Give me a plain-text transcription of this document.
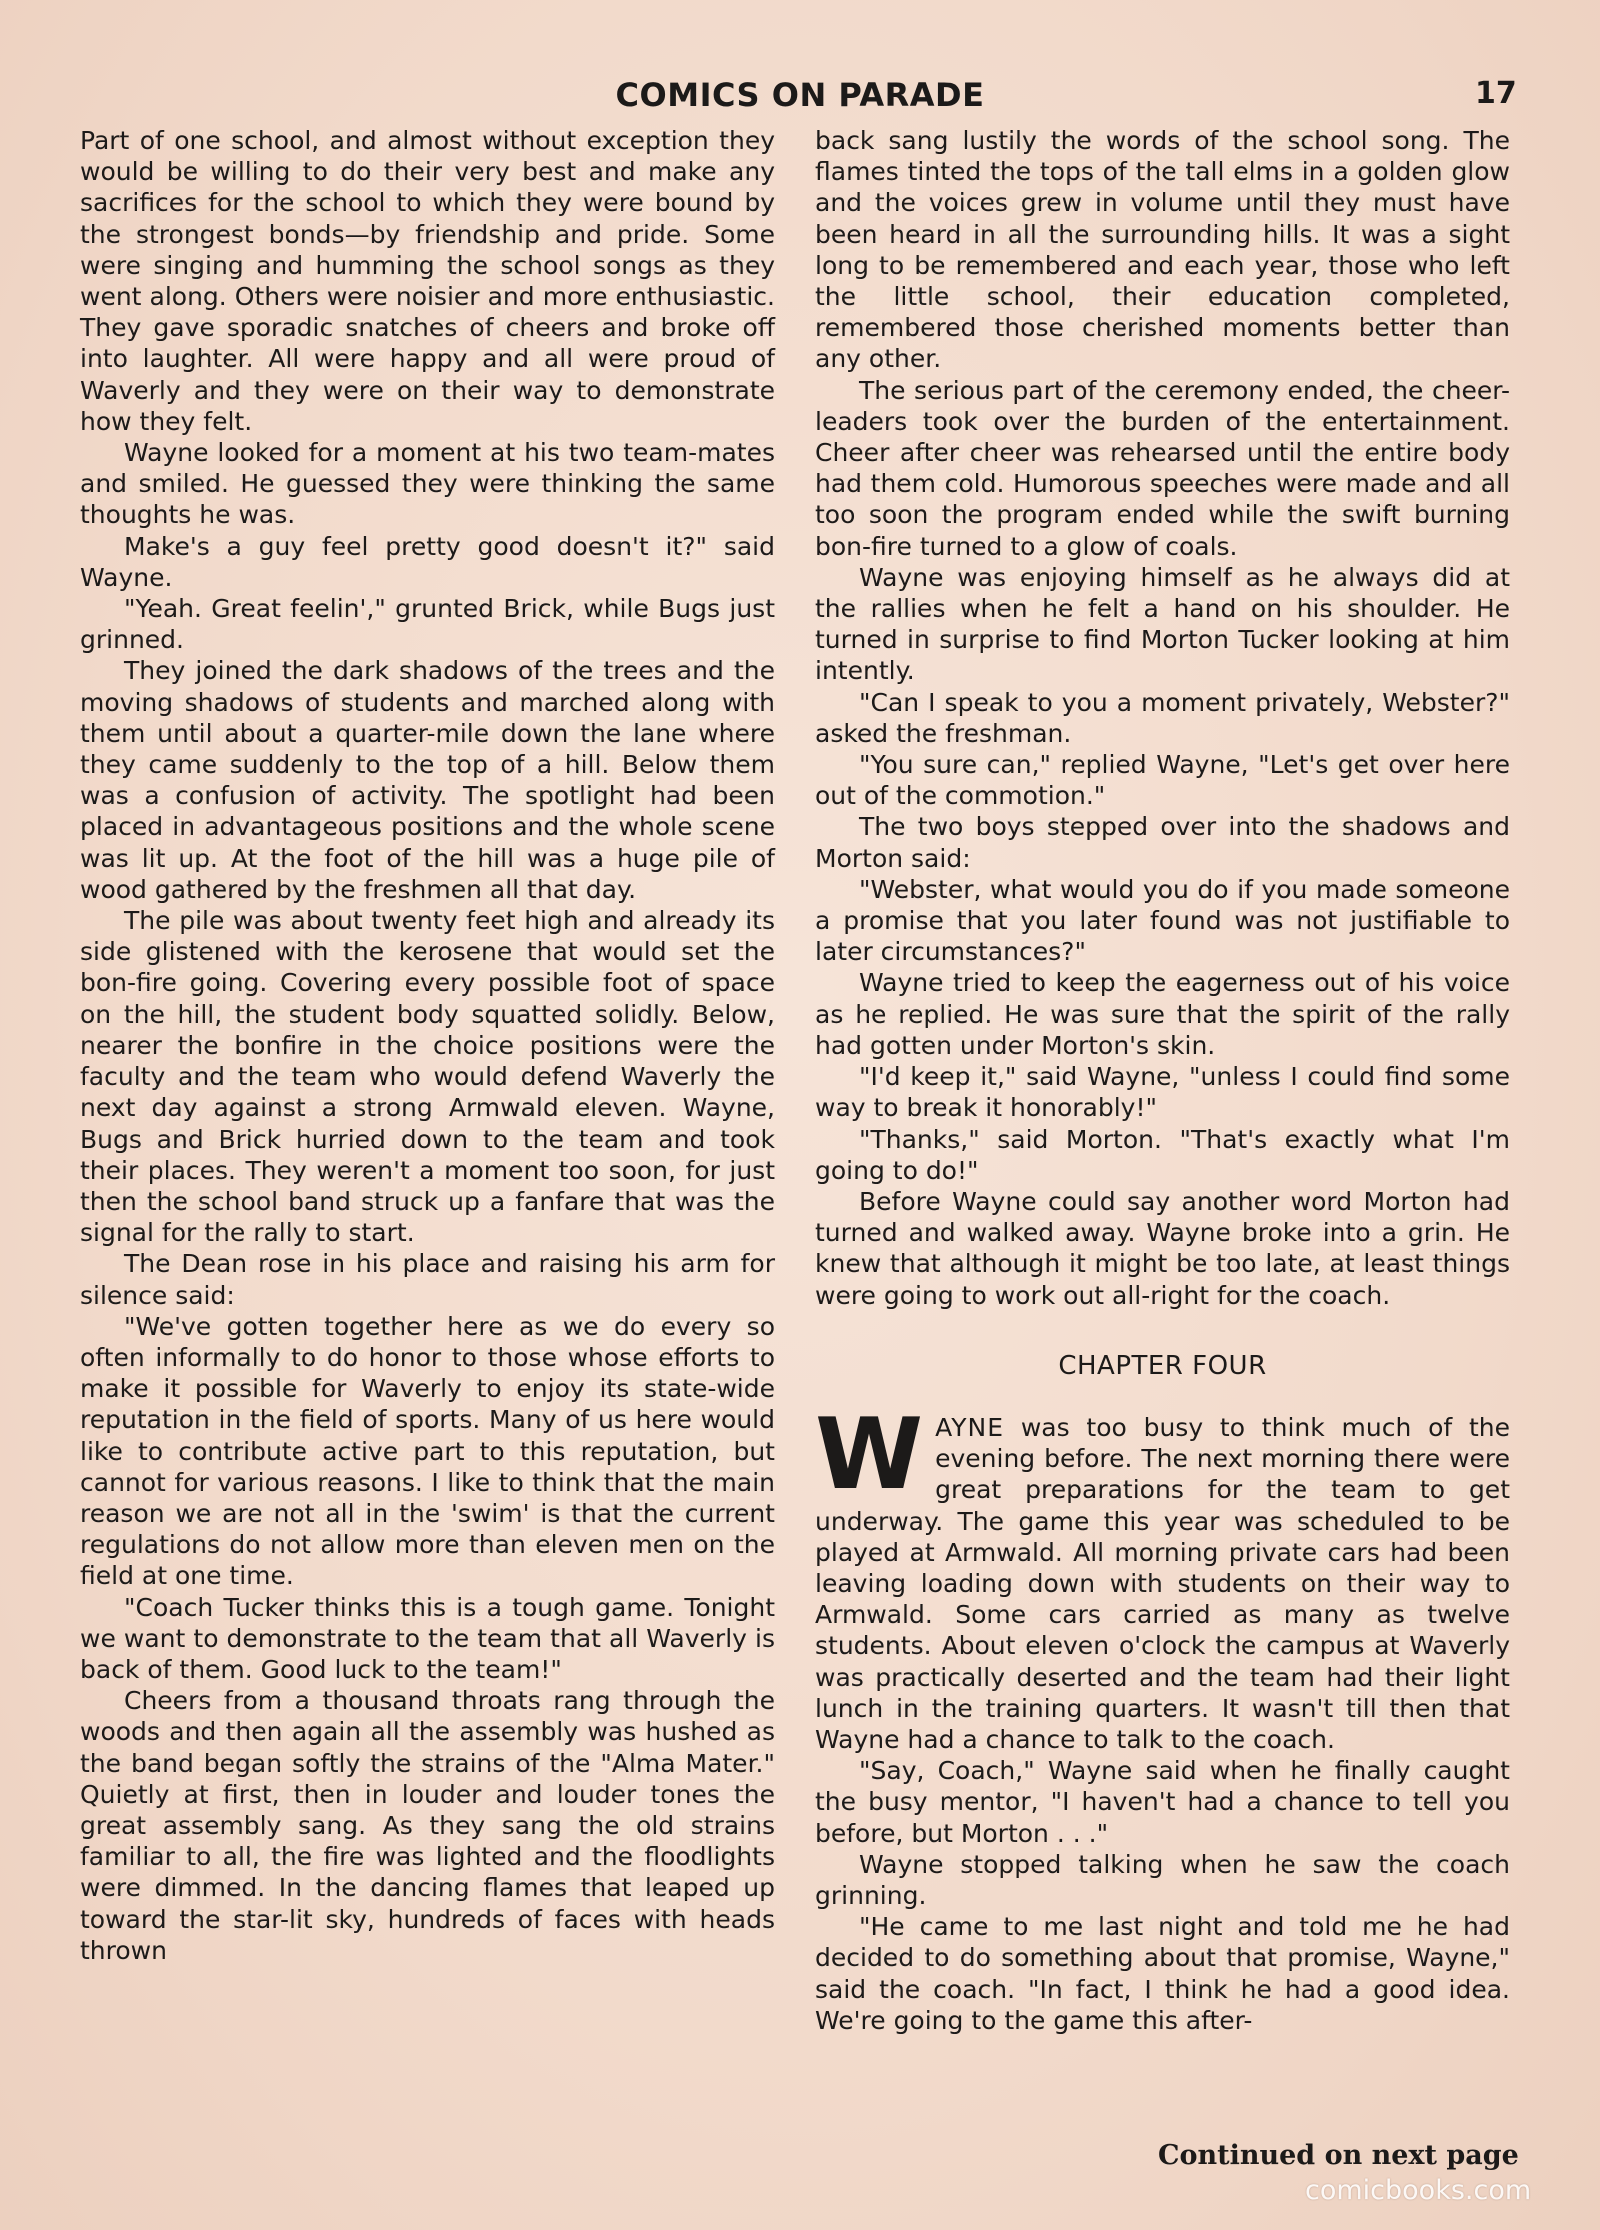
COMICS ON PARADE	17

Part of one school, and almost without exception they would be willing to do their very best and make any sacrifices for the school to which they were bound by the strongest bonds—by friendship and pride. Some were singing and humming the school songs as they went along. Others were noisier and more enthusiastic. They gave sporadic snatches of cheers and broke off into laughter. All were happy and all were proud of Waverly and they were on their way to demonstrate how they felt.

Wayne looked for a moment at his two team-mates and smiled. He guessed they were thinking the same thoughts he was.

Make's a guy feel pretty good doesn't it?" said Wayne.

"Yeah. Great feelin'," grunted Brick, while Bugs just grinned.

They joined the dark shadows of the trees and the moving shadows of students and marched along with them until about a quarter-mile down the lane where they came suddenly to the top of a hill. Below them was a confusion of activity. The spotlight had been placed in advantageous positions and the whole scene was lit up. At the foot of the hill was a huge pile of wood gathered by the freshmen all that day.

The pile was about twenty feet high and already its side glistened with the kerosene that would set the bon-fire going. Covering every possible foot of space on the hill, the student body squatted solidly. Below, nearer the bonfire in the choice positions were the faculty and the team who would defend Waverly the next day against a strong Armwald eleven. Wayne, Bugs and Brick hurried down to the team and took their places. They weren't a moment too soon, for just then the school band struck up a fanfare that was the signal for the rally to start.

The Dean rose in his place and raising his arm for silence said:

"We've gotten together here as we do every so often informally to do honor to those whose efforts to make it possible for Waverly to enjoy its state-wide reputation in the field of sports. Many of us here would like to contribute active part to this reputation, but cannot for various reasons. I like to think that the main reason we are not all in the 'swim' is that the current regulations do not allow more than eleven men on the field at one time.

"Coach Tucker thinks this is a tough game. Tonight we want to demonstrate to the team that all Waverly is back of them. Good luck to the team!"

Cheers from a thousand throats rang through the woods and then again all the assembly was hushed as the band began softly the strains of the "Alma Mater." Quietly at first, then in louder and louder tones the great assembly sang. As they sang the old strains familiar to all, the fire was lighted and the floodlights were dimmed. In the dancing flames that leaped up toward the star-lit sky, hundreds of faces with heads thrown

back sang lustily the words of the school song. The flames tinted the tops of the tall elms in a golden glow and the voices grew in volume until they must have been heard in all the surrounding hills. It was a sight long to be remembered and each year, those who left the little school, their education completed, remembered those cherished moments better than any other.

The serious part of the ceremony ended, the cheer-leaders took over the burden of the entertainment. Cheer after cheer was rehearsed until the entire body had them cold. Humorous speeches were made and all too soon the program ended while the swift burning bon-fire turned to a glow of coals.

Wayne was enjoying himself as he always did at the rallies when he felt a hand on his shoulder. He turned in surprise to find Morton Tucker looking at him intently.

"Can I speak to you a moment privately, Webster?" asked the freshman.

"You sure can," replied Wayne, "Let's get over here out of the commotion."

The two boys stepped over into the shadows and Morton said:

"Webster, what would you do if you made someone a promise that you later found was not justifiable to later circumstances?"

Wayne tried to keep the eagerness out of his voice as he replied. He was sure that the spirit of the rally had gotten under Morton's skin.

"I'd keep it," said Wayne, "unless I could find some way to break it honorably!"

"Thanks," said Morton. "That's exactly what I'm going to do!"

Before Wayne could say another word Morton had turned and walked away. Wayne broke into a grin. He knew that although it might be too late, at least things were going to work out all-right for the coach.

CHAPTER FOUR

WAYNE was too busy to think much of the evening before. The next morning there were great preparations for the team to get underway. The game this year was scheduled to be played at Armwald. All morning private cars had been leaving loading down with students on their way to Armwald. Some cars carried as many as twelve students. About eleven o'clock the campus at Waverly was practically deserted and the team had their light lunch in the training quarters. It wasn't till then that Wayne had a chance to talk to the coach.

"Say, Coach," Wayne said when he finally caught the busy mentor, "I haven't had a chance to tell you before, but Morton . . ."

Wayne stopped talking when he saw the coach grinning.

"He came to me last night and told me he had decided to do something about that promise, Wayne," said the coach. "In fact, I think he had a good idea. We're going to the game this after-

Continued on next page
comicbooks.com
